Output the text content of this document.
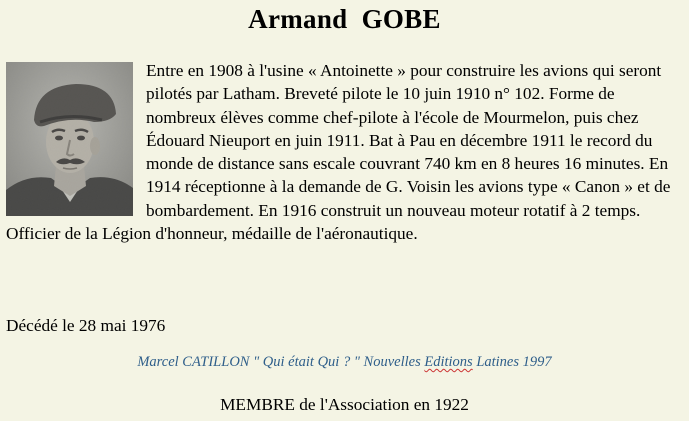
Armand  GOBE

Entre en 1908 à l'usine « Antoinette » pour construire les avions qui seront pilotés par Latham. Breveté pilote le 10 juin 1910 n° 102. Forme de nombreux élèves comme chef-pilote à l'école de Mourmelon, puis chez Édouard Nieuport en juin 1911. Bat à Pau en décembre 1911 le record du monde de distance sans escale couvrant 740 km en 8 heures 16 minutes. En 1914 réceptionne à la demande de G. Voisin les avions type « Canon » et de bombardement. En 1916 construit un nouveau moteur rotatif à 2 temps. Officier de la Légion d'honneur, médaille de l'aéronautique.

Décédé le 28 mai 1976
Marcel CATILLON " Qui était Qui ? " Nouvelles Editions Latines 1997
MEMBRE de l'Association en 1922
